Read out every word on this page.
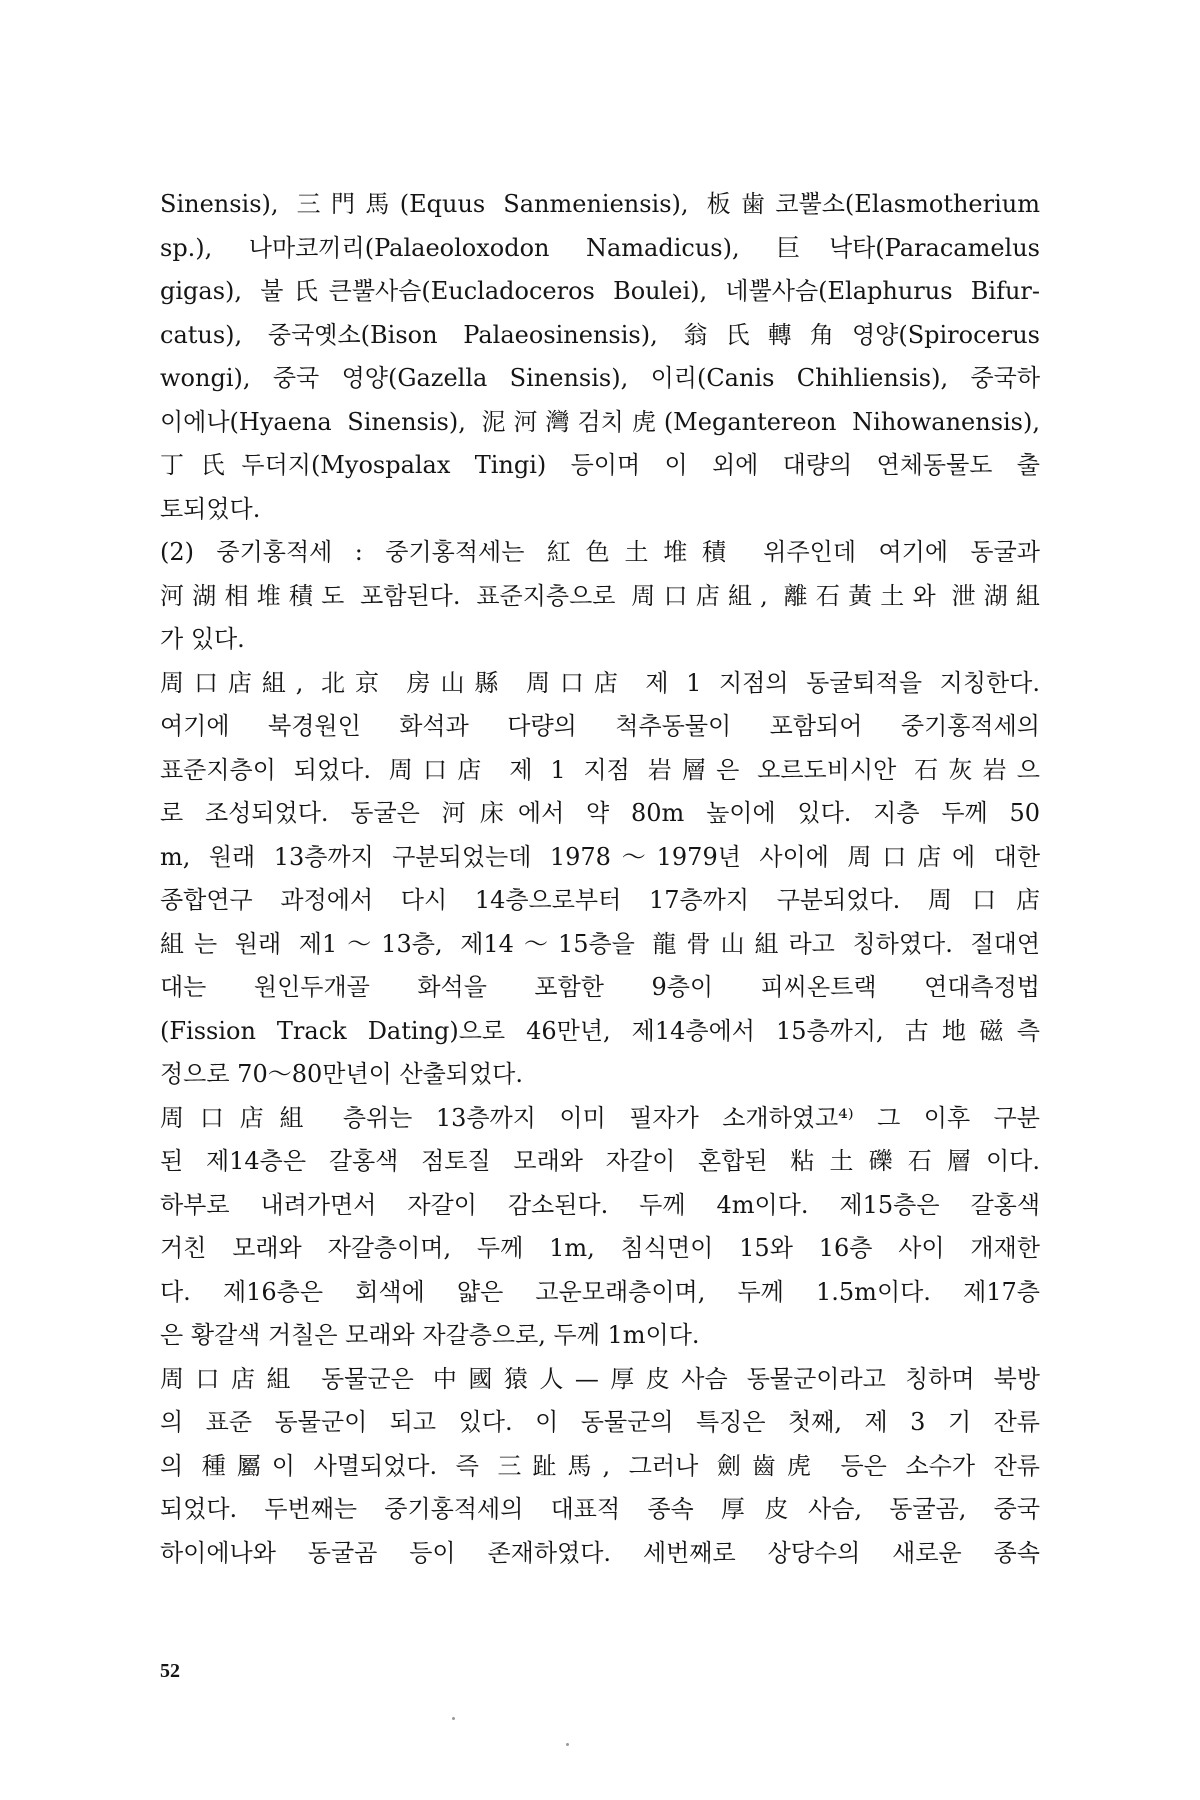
Sinensis), 三門馬(Equus Sanmeniensis), 板歯코뿔소(Elasmotherium
sp.), 나마코끼리(Palaeoloxodon Namadicus), 巨낙타(Paracamelus
gigas), 불氏큰뿔사슴(Eucladoceros Boulei), 네뿔사슴(Elaphurus Bifur-
catus), 중국옛소(Bison Palaeosinensis), 翁氏轉角영양(Spirocerus
wongi), 중국 영양(Gazella Sinensis), 이리(Canis Chihliensis), 중국하
이에나(Hyaena Sinensis), 泥河灣검치虎(Megantereon Nihowanensis),
丁氏두더지(Myospalax Tingi) 등이며 이 외에 대량의 연체동물도 출
토되었다.
(2) 중기홍적세 : 중기홍적세는 紅色土堆積 위주인데 여기에 동굴과
河湖相堆積도 포함된다. 표준지층으로 周口店組, 離石黃土와 泄湖組
가 있다.
周口店組, 北京 房山縣 周口店 제 1 지점의 동굴퇴적을 지칭한다.
여기에 북경원인 화석과 다량의 척추동물이 포함되어 중기홍적세의
표준지층이 되었다. 周口店 제 1 지점 岩層은 오르도비시안 石灰岩으
로 조성되었다. 동굴은 河床에서 약 80m 높이에 있다. 지층 두께 50
m, 원래 13층까지 구분되었는데 1978～1979년 사이에 周口店에 대한
종합연구 과정에서 다시 14층으로부터 17층까지 구분되었다. 周口店
組는 원래 제1～13층, 제14～15층을 龍骨山組라고 칭하였다. 절대연
대는 원인두개골 화석을 포함한 9층이 피씨온트랙 연대측정법
(Fission Track Dating)으로 46만년, 제14층에서 15층까지, 古地磁측
정으로 70～80만년이 산출되었다.
周口店組 층위는 13층까지 이미 필자가 소개하였고⁴⁾ 그 이후 구분
된 제14층은 갈홍색 점토질 모래와 자갈이 혼합된 粘土礫石層이다.
하부로 내려가면서 자갈이 감소된다. 두께 4m이다. 제15층은 갈홍색
거친 모래와 자갈층이며, 두께 1m, 침식면이 15와 16층 사이 개재한
다. 제16층은 회색에 얇은 고운모래층이며, 두께 1.5m이다. 제17층
은 황갈색 거칠은 모래와 자갈층으로, 두께 1m이다.
周口店組 동물군은 中國猿人—厚皮사슴 동물군이라고 칭하며 북방
의 표준 동물군이 되고 있다. 이 동물군의 특징은 첫째, 제 3 기 잔류
의 種屬이 사멸되었다. 즉 三趾馬, 그러나 劍齒虎 등은 소수가 잔류
되었다. 두번째는 중기홍적세의 대표적 종속 厚皮사슴, 동굴곰, 중국
하이에나와 동굴곰 등이 존재하였다. 세번째로 상당수의 새로운 종속
52
